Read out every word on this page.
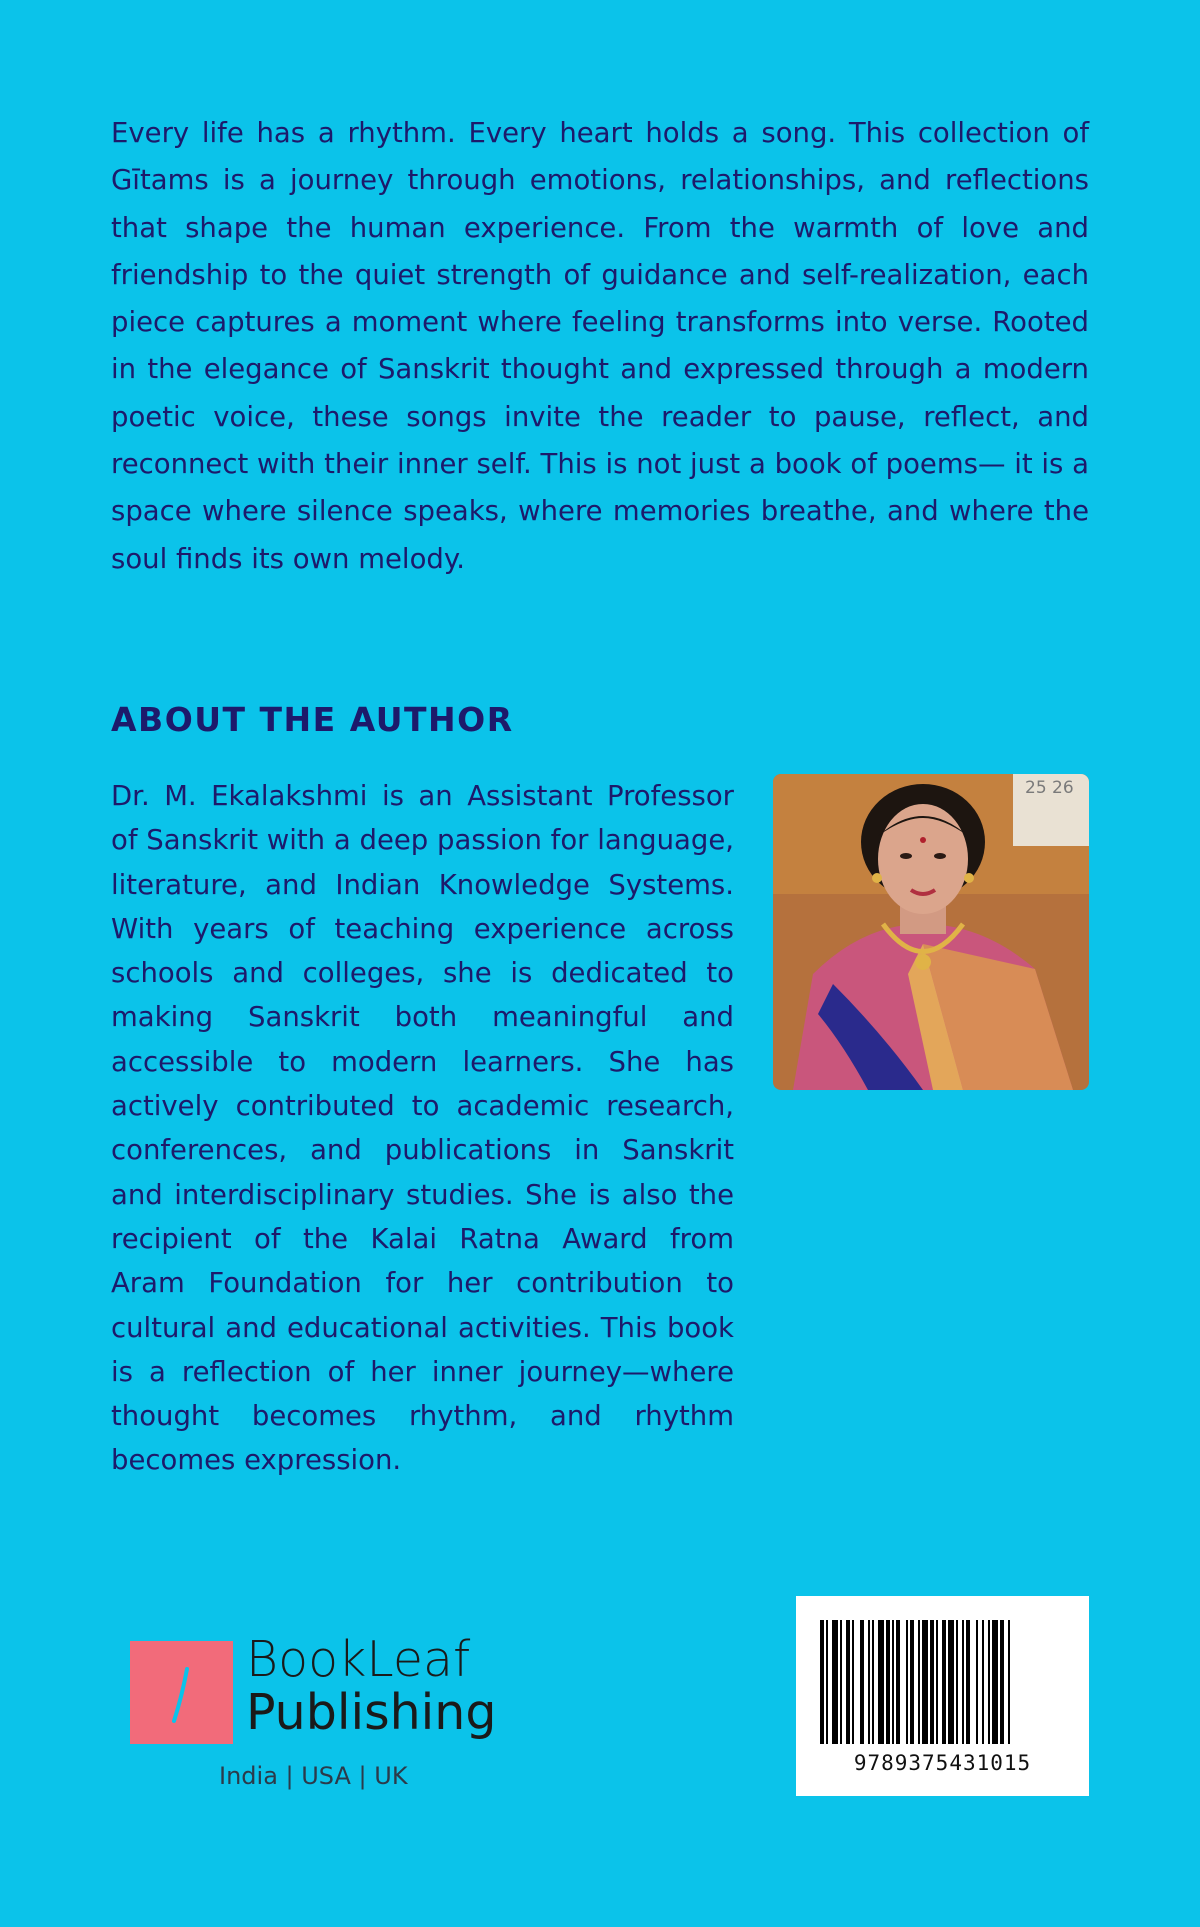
Every life has a rhythm. Every heart holds a song. This collection of Gītams is a journey through emotions, relationships, and reflections that shape the human experience. From the warmth of love and friendship to the quiet strength of guidance and self-realization, each piece captures a moment where feeling transforms into verse. Rooted in the elegance of Sanskrit thought and expressed through a modern poetic voice, these songs invite the reader to pause, reflect, and reconnect with their inner self. This is not just a book of poems— it is a space where silence speaks, where memories breathe, and where the soul finds its own melody.

ABOUT THE AUTHOR

Dr. M. Ekalakshmi is an Assistant Professor of Sanskrit with a deep passion for language, literature, and Indian Knowledge Systems. With years of teaching experience across schools and colleges, she is dedicated to making Sanskrit both meaningful and accessible to modern learners. She has actively contributed to academic research, conferences, and publications in Sanskrit and interdisciplinary studies. She is also the recipient of the Kalai Ratna Award from Aram Foundation for her contribution to cultural and educational activities. This book is a reflection of her inner journey—where thought becomes rhythm, and rhythm becomes expression.

25 26
BookLeaf
Publishing
India | USA | UK	9789375431015
